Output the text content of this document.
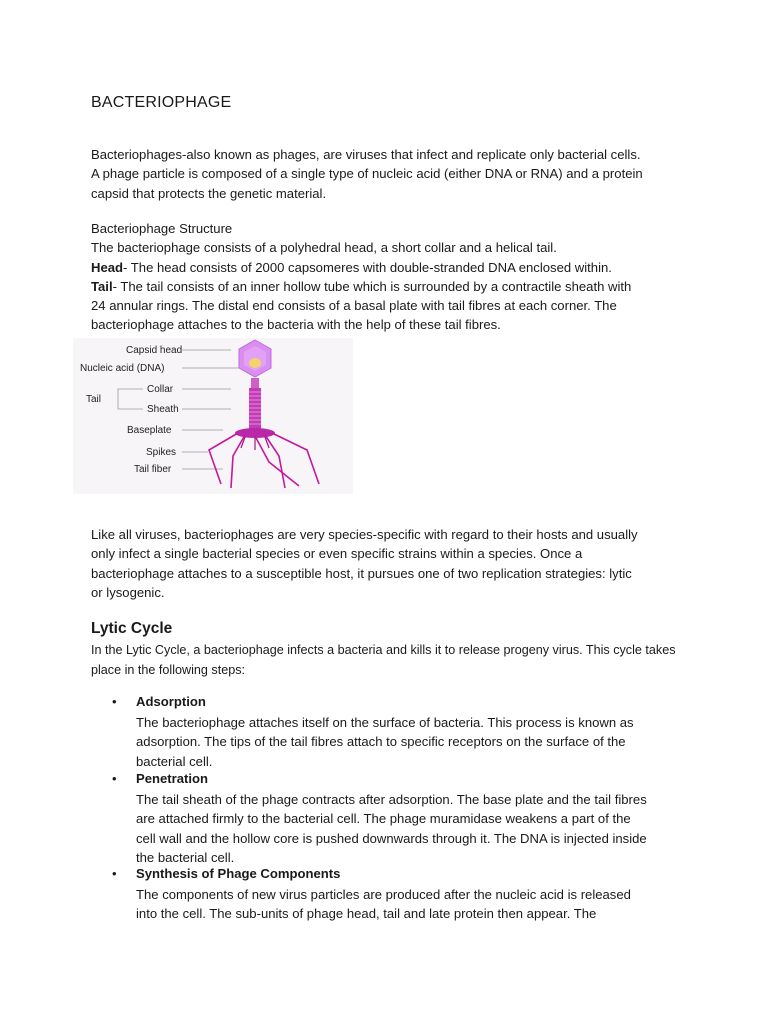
BACTERIOPHAGE
Bacteriophages-also known as phages, are viruses that infect and replicate only bacterial cells.
A phage particle is composed of a single type of nucleic acid (either DNA or RNA) and a protein
capsid that protects the genetic material.
Bacteriophage Structure
The bacteriophage consists of a polyhedral head, a short collar and a helical tail.
Head- The head consists of 2000 capsomeres with double-stranded DNA enclosed within.
Tail- The tail consists of an inner hollow tube which is surrounded by a contractile sheath with
24 annular rings. The distal end consists of a basal plate with tail fibres at each corner. The
bacteriophage attaches to the bacteria with the help of these tail fibres.
Capsid head
Nucleic acid (DNA)
Collar
Tail
Sheath
Baseplate
Spikes
Tail fiber
Like all viruses, bacteriophages are very species-specific with regard to their hosts and usually
only infect a single bacterial species or even specific strains within a species. Once a
bacteriophage attaches to a susceptible host, it pursues one of two replication strategies: lytic
or lysogenic.
Lytic Cycle
In the Lytic Cycle, a bacteriophage infects a bacteria and kills it to release progeny virus. This cycle takes
place in the following steps:
• Adsorption
The bacteriophage attaches itself on the surface of bacteria. This process is known as
adsorption. The tips of the tail fibres attach to specific receptors on the surface of the
bacterial cell.
• Penetration
The tail sheath of the phage contracts after adsorption. The base plate and the tail fibres
are attached firmly to the bacterial cell. The phage muramidase weakens a part of the
cell wall and the hollow core is pushed downwards through it. The DNA is injected inside
the bacterial cell.
• Synthesis of Phage Components
The components of new virus particles are produced after the nucleic acid is released
into the cell. The sub-units of phage head, tail and late protein then appear. The
